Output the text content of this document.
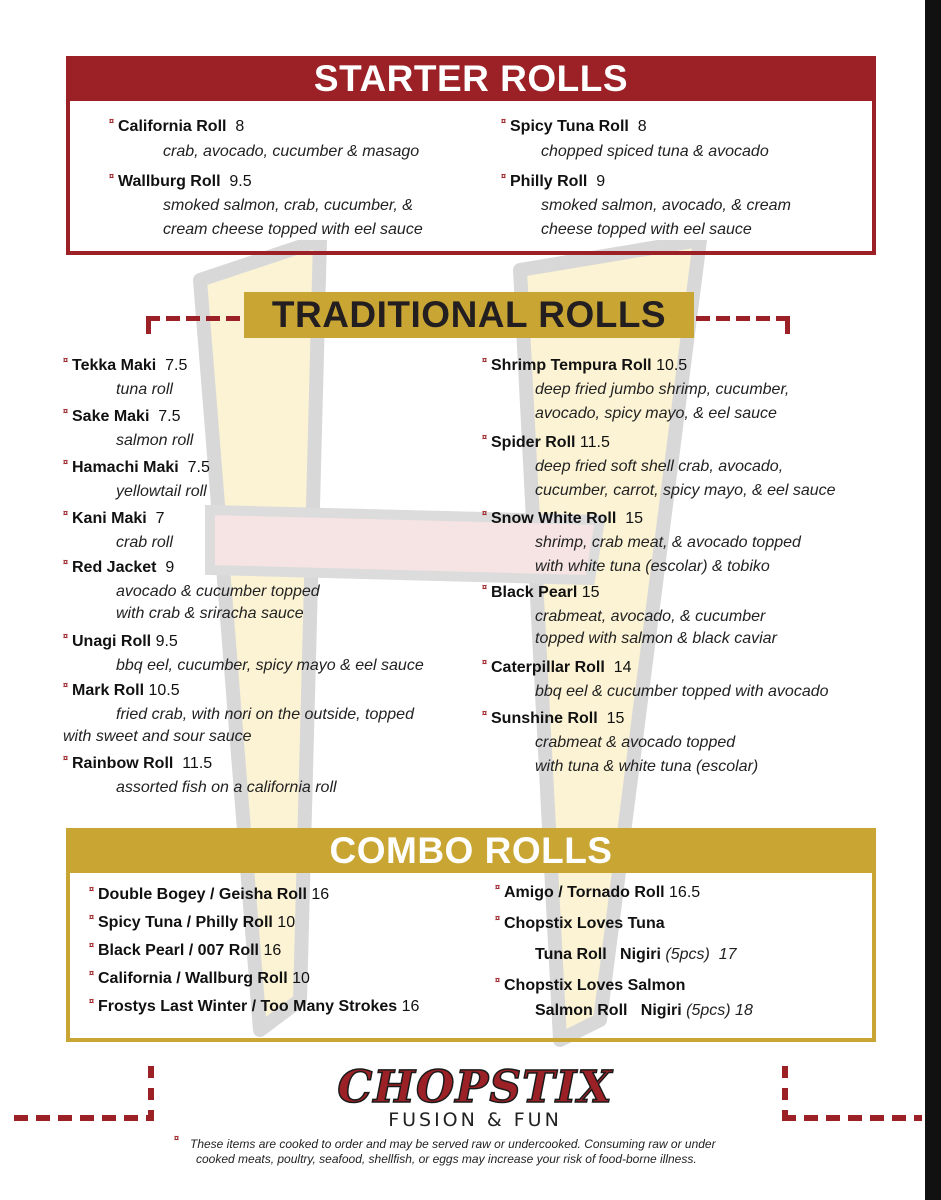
STARTER ROLLS
¤ California Roll 8
crab, avocado, cucumber & masago
¤ Wallburg Roll 9.5
smoked salmon, crab, cucumber, &
cream cheese topped with eel sauce
¤ Spicy Tuna Roll 8
chopped spiced tuna & avocado
¤ Philly Roll 9
smoked salmon, avocado, & cream
cheese topped with eel sauce
TRADITIONAL ROLLS
¤ Tekka Maki 7.5
tuna roll
¤ Sake Maki 7.5
salmon roll
¤ Hamachi Maki 7.5
yellowtail roll
¤ Kani Maki 7
crab roll
¤ Red Jacket 9
avocado & cucumber topped
with crab & sriracha sauce
¤ Unagi Roll 9.5
bbq eel, cucumber, spicy mayo & eel sauce
¤ Mark Roll 10.5
fried crab, with nori on the outside, topped
with sweet and sour sauce
¤ Rainbow Roll 11.5
assorted fish on a california roll
¤ Shrimp Tempura Roll 10.5
deep fried jumbo shrimp, cucumber,
avocado, spicy mayo, & eel sauce
¤ Spider Roll 11.5
deep fried soft shell crab, avocado,
cucumber, carrot, spicy mayo, & eel sauce
¤ Snow White Roll 15
shrimp, crab meat, & avocado topped
with white tuna (escolar) & tobiko
¤ Black Pearl 15
crabmeat, avocado, & cucumber
topped with salmon & black caviar
¤ Caterpillar Roll 14
bbq eel & cucumber topped with avocado
¤ Sunshine Roll 15
crabmeat & avocado topped
with tuna & white tuna (escolar)
COMBO ROLLS
¤ Double Bogey / Geisha Roll 16
¤ Spicy Tuna / Philly Roll 10
¤ Black Pearl / 007 Roll 16
¤ California / Wallburg Roll 10
¤ Frostys Last Winter / Too Many Strokes 16
¤ Amigo / Tornado Roll 16.5
¤ Chopstix Loves Tuna
Tuna Roll Nigiri (5pcs) 17
¤ Chopstix Loves Salmon
Salmon Roll Nigiri (5pcs) 18
CHOPSTIX
FUSION & FUN
¤ These items are cooked to order and may be served raw or undercooked. Consuming raw or under
cooked meats, poultry, seafood, shellfish, or eggs may increase your risk of food-borne illness.
